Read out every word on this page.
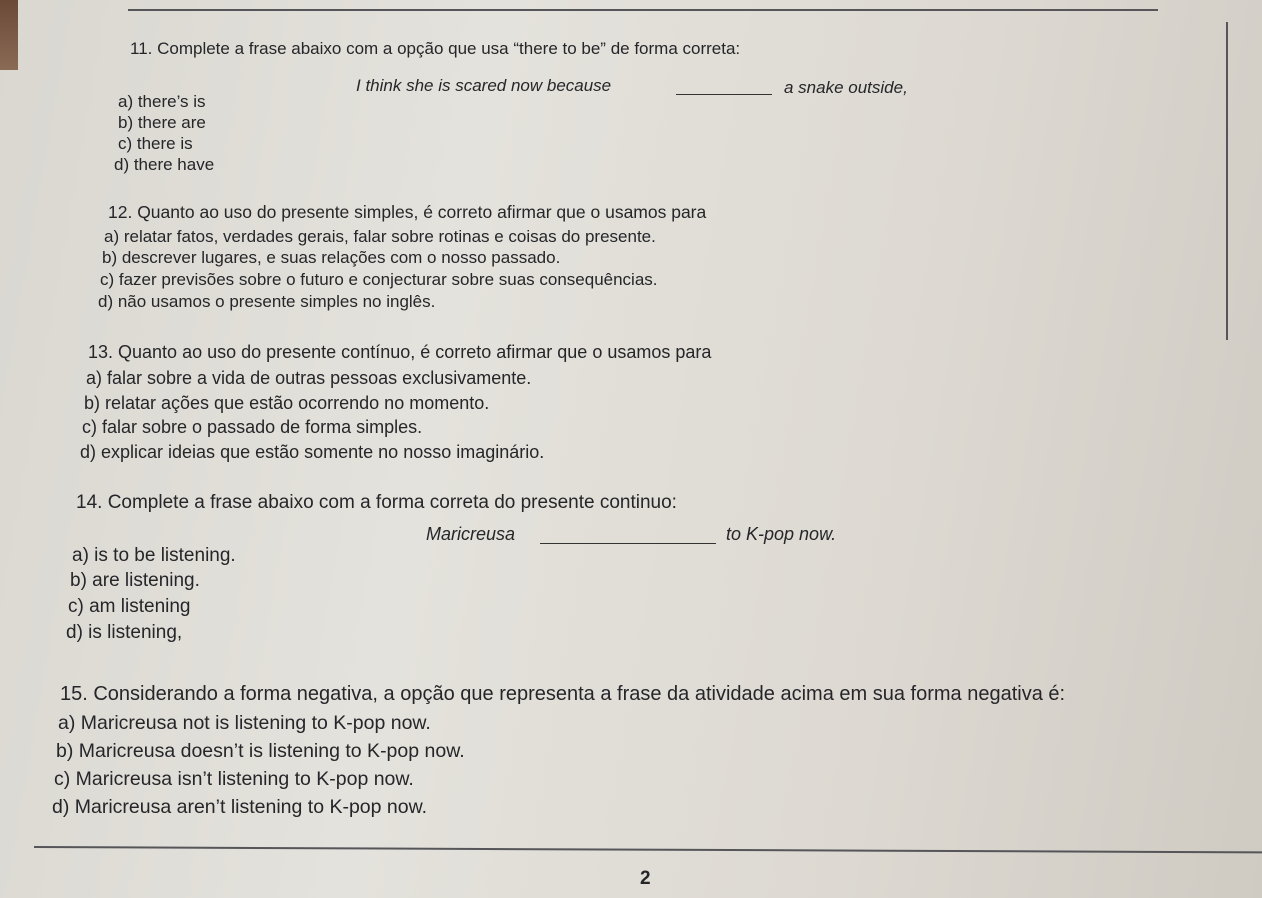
11. Complete a frase abaixo com a opção que usa “there to be” de forma correta:
I think she is scared now because	a snake outside,
a) there’s is
b) there are
c) there is
d) there have
12. Quanto ao uso do presente simples, é correto afirmar que o usamos para
a) relatar fatos, verdades gerais, falar sobre rotinas e coisas do presente.
b) descrever lugares, e suas relações com o nosso passado.
c) fazer previsões sobre o futuro e conjecturar sobre suas consequências.
d) não usamos o presente simples no inglês.
13. Quanto ao uso do presente contínuo, é correto afirmar que o usamos para
a) falar sobre a vida de outras pessoas exclusivamente.
b) relatar ações que estão ocorrendo no momento.
c) falar sobre o passado de forma simples.
d) explicar ideias que estão somente no nosso imaginário.
14. Complete a frase abaixo com a forma correta do presente continuo:
Maricreusa	to K-pop now.
a) is to be listening.
b) are listening.
c) am listening
d) is listening,
15. Considerando a forma negativa, a opção que representa a frase da atividade acima em sua forma negativa é:
a) Maricreusa not is listening to K-pop now.
b) Maricreusa doesn’t is listening to K-pop now.
c) Maricreusa isn’t listening to K-pop now.
d) Maricreusa aren’t listening to K-pop now.
2
